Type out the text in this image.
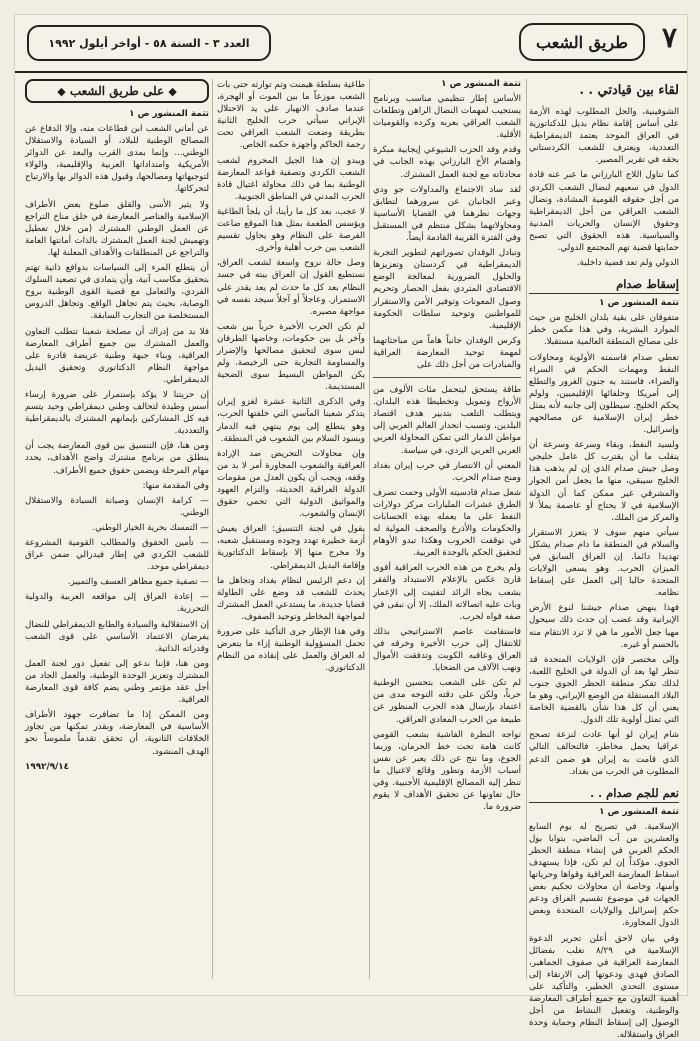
٧
طريق الشعب
العدد ٣ - السنة ٥٨ - أواخر أيلول ١٩٩٢
لقاء بين قيادتي . .

الشوفينية، والحل المطلوب لهذه الأزمة على أساس إقامة نظام بديل للدكتاتورية في العراق الموحد يعتمد الديمقراطية التعددية، ويعترف للشعب الكردستاني بحقه في تقرير المصير.

كما تناول اللاج البارزاني ما عبر عنه قادة الدول في سعيهم لنضال الشعب الكردي من أجل حقوقه القومية المشادة، ونضال الشعب العراقي من أجل الديمقراطية وحقوق الإنسان والحريات المدنية والسياسية. هذه الحقوق التي تصبح حمايتها قضية تهم المجتمع الدولي.

الدولي ولم تعد قضية داخلية.

إسقاط صدام
تتمة المنشور ص ١

متفوقان على بقية بلدان الخليج من حيث الموارد البشرية، وفي هذا مكمن خطر على مصالح المنطقة العالمية مستقبلا.

تعطي صدام قاسمته الأولوية ومحاولات النفط ومهمات الحكم في السراء والضراء، فاستند به جنون الغرور والتطلع إلى أمريكا وحلفائها الإقليميين، ولولم يحكم الخليج. سيطلون إلى جانبه لأنه يمثل خطر إيران الإسلامية عن مصالحهم وإسرائيل.

ولسيد النفط، وبقاء وسرعة وسرعة أن ينقلب ما أن يقترب كل عامل خليجي وصل جيش صدام الذي إن لم يذهب هذا الخليج سيبقى، منها ما يجعل أمن الجوار والمشرقي غير ممكن كما أن الدولة الإسلامية في لا يحتاج أو عاصمة يملأ لا والمركز من الملك.

سيأتي منهم سوف لا يتعزز الاستقرار والسلام في المنطقة ما دام صدام يشكل تهديدا دائما. إن العراق السابق في الميزان الحرب. وهو يسعى الولايات المتحدة حاليا إلى العمل على إسقاط نظامه.

فهذا ينهض صدام جيشنا لنوع الأرض الإيرانية وقد غضب إن حدث ذلك سيحول مهيا جعل الأمور ما هي لا ترد الانتقام منه بالحسم أو غيره.

وإلى مختصر فإن الولايات المتحدة قد تنظر لها بعد أن الدولة في الخليج اللعبة، لذلك تفكر منطقة الحظر الجوي جنوب البلاد المستقلة من الوضع الإيراني، وهو ما يعني أن كل هذا شأن بالقضية الخاصة التي تمثل أولوية تلك الدول.

شام إيران لو أنها عادت لنزعة تصحح عراقيا يحمل مخاطر، فالتحالف التالي الذي قامت به إيران هو ضمن الدعم المطلوب في الحرب من بغداد.

نعم للجم صدام . .
تتمة المنشور ص ١

الإسلامية. في تصريح له يوم السابع والعشرين من آب الماضي، بتوابا بول الحكم الغربي في إنشاء منطقة الحظر الجوي. مؤكداً إن لم تكن، فإذا يستهدف اسقاط المعارضة العراقية وقواها وحرياتها وأمنها، وخاصة أن محاولات تحكيم بعض الجهات في موضوع تقسيم العراق ودعم حكم إسرائيل والولايات المتحدة وبعض الدول المجاورة.

وفي بيان لاحق أعلن تحرير الدعوة الإسلامية في ٨/٢٩ تغلب بفضائل المعارضة العراقية في صفوف الجماهير، الصادق فهدي ودعوتها إلى الارتقاء إلى مستوى التحدي الخطير، والتأكيد على أهمية التعاون مع جميع أطراف المعارضة والوطنية، وتفعيل النشاط من أجل الوصول إلى إسقاط النظام وحماية وحدة العراق واستقلاله.

تتمة المنشور ص ١

الأساس إطار تنظيمي مناسب وبرنامج يستجيب لمهمات النضال الراهن وتطلعات الشعب العراقي بعربه وكرده والقوميات الأقلية.

وقدم وفد الحزب الشيوعي إيجابية مبكرة واهتمام الأخ البارزاني بهذه الجانب في محادثاته مع لجنة العمل المشترك.

لقد ساد الاجتماع والمداولات جو ودي وعبر الجانبان عن سرورهما لتطابق وجهات نظرهما في القضايا الأساسية ومحاولاتهما بشكل منتظم في المستقبل وفي الفترة القريبة القادمة أيضاً.

وتبادل الوفدان تصوراتهم لتطوير التجربة الديمقراطية في كردستان وتعزيزها والحلول الضرورية لمعالجة الوضع الاقتصادي المتردي بفعل الحصار وتحريم وصول المعونات وتوفير الأمن والاستقرار للمواطنين وتوحيد سلطات الحكومة الإقليمية.

وكرس الوفدان جانباً هاماً من مباحثاتهما لمهمة توحيد المعارضة العراقية والمبادرات من أجل ذلك على

طاقة يستحق ليتحمل مئات الألوف من الأرواح وتمويل وتخطيطا هذه البلدان. ويتطلب التلعب بتدبير هدف اقتصاد البلدين، وتسبب انحدار العالم العربي إلى مواطن الدمار التي تمكن المحاولة العربي العربي العربي الردي، في سياسة.

المعني أن الانتصار في حرب إيران بغداد ومنح صدام الحرب.

شعل صدام قادسيته الأولى وحمت تصرف الطرق عشرات المليارات مركز دولارات النفط على ما يعمله بهذه الحسابات والحكومات والأذرع والصحف المولية له في توقفت الحروب وهكذا تبدو الأوهام لتحقيق الحكم بالوحدة العربية.

ولم يخرج من هذه الحرب العراقية أقوى قارئ عكس بالإعلام الاستبداد والفقر بشعب بجاه الرائد لتفتيت إلى الإعمار وبات عليه اتصالاته الملك، إلا أن نبقى في صفه قواه لحرب.

فاستقامت عاصم الاستراتيجي بذلك للانتقال إلى حرب الأخيرة وخرقه في العراق وعاقبه الكويت وتدفقت الأموال ونهب الآلاف من الضحايا.

لم تكن على الشعب بتحسين الوطنية حرباً، ولكن على دقته التوجه مدى من اعتماد بإرسال هذه الحرب المنظور عن طبيعة من الحرب المعادي العراقي.

تواجه النظرة الفاشية بشعب القومي كانت هامة تحت خط الحرمان، وربما الجوع، وما نتج عن ذلك يعبر عن نفس أسباب الأزمة وتطور وقائع لاغتيال ما تنظر إليه المصالح الإقليمية الأجنبية. وفي حال تعاونها عن تحقيق الأهداف لا يقوم ضرورة ما.

طاغية بسلطة هيمنت وتم توارثه حتى بات الشعب موزعاً ما بين الموت أو الهجرة، عندما صادف الانهيار على يد الاحتلال الإيراني سيأتي حرب الخليج الثانية بطريقة وضعت الشعب العراقي تحت رحمة الحاكم وأجهزة حكمه الخاص.

ويبدو إن هذا الجيل المحروم لشعب الشعب الكردي وتصفية قواعد المعارضة الوطنية بما في ذلك محاولة اغتيال قادة الحرب المدني في المناطق الجنوبية.

لا عجب، بعد كل ما رأينا، أن يلجأ الطاغية ويؤسس الطغمة بمثل هذا الموقع ضاعت الفرصة على النظام وهو يحاول تقسيم الشعب بين حرب أهلية وأخرى.

وصل حالة نزوح واسعة لشعب العراق، نستطيع القول إن العراق بيته في جسد النظام بعد كل ما حدث لم يعد يقدر على الاستمرار. وعاجلاً أو آجلاً سيجد نفسه في مواجهة مصيره.

لم تكن الحرب الأخيرة حرباً بين شعب وآخر بل بين حكومات، وخاضها الطرفان ليس سوى لتحقيق مصالحها والإضرار والمساومة التجارية حتى الرخيصة. ولم يكن المواطن البسيط سوى الضحية المستديمة.

وفي الذكرى الثانية عشرة لغزو إيران يتذكر شعبنا المآسي التي خلفتها الحرب، وهو يتطلع إلى يوم ينتهي فيه الدمار ويسود السلام بين الشعوب في المنطقة.

وإن محاولات التحريض ضد الإرادة العراقية والشعوب المجاورة أمر لا بد من وقفه، ويجب أن يكون العدل من مقومات الدولة العراقية الحديثة، والتزام العهود والمواثيق الدولية التي تحمي حقوق الإنسان والشعوب.

يقول في لجنة التنسيق: العراق يعيش أزمة خطيرة تهدد وجوده ومستقبل شعبه، ولا مخرج منها إلا بإسقاط الدكتاتورية وإقامة البديل الديمقراطي.

إن دعم الرئيس لنظام بغداد وتجاهل ما يحدث للشعب قد وضع على الطاولة قضايا جديدة، ما يستدعي العمل المشترك لمواجهة المخاطر وتوحيد الصفوف.

وفي هذا الإطار جرى التأكيد على ضرورة تحمل المسؤولية الوطنية إزاء ما يتعرض له العراق والعمل على إنقاذه من النظام الدكتاتوري.

◆ على طريق الشعب ◆
تتمة المنشور ص ١

عن أماني الشعب ابن قطاعات منه، وإلا الدفاع عن المصالح الوطنية للبلاد، أو السيادة والاستقلال الوطني... وإنما بمدى القرب والبعد عن الدوائر الأمريكية وامتداداتها العربية والإقليمية، والولاء لتوجيهاتها ومصالحها، وقبول هذه الدوائر بها والارتياح لتحركاتها.

ولا يثير الأسى والقلق صلوع بعض الأطراف الإسلامية والعناصر المعارضة في خلق مناخ التراجع عن العمل الوطني المشترك (من خلال تعطيل وتهميش لجنة العمل المشترك بالذات أمانتها العامة والتراجع عن المنطلقات والأهداف المعلنة لها.

أن يتطلع المرء إلى السياسات بدوافع ذاتية تهتم بتحقيق مكاسب آنية، وأن يتمادى في تصعيد السلوك الفردي، والتعامل مع قضية القوى الوطنية بروح الوصاية، بحيث يتم تجاهل الواقع. وتجاهل الدروس المستخلصة من التجارب السابقة.

فلا بد من إدراك أن مصلحة شعبنا تتطلب التعاون والعمل المشترك بين جميع أطراف المعارضة العراقية، وبناء جبهة وطنية عريضة قادرة على مواجهة النظام الدكتاتوري وتحقيق البديل الديمقراطي.

إن حريتنا لا يؤكد بإستمرار على ضرورة إرساء أسس وطيدة لتحالف وطني ديمقراطي وحيد يتسم فيه كل المشاركين بإيمانهم المشترك بالديمقراطية والتعددية.

ومن هنا، فإن التنسيق بين قوى المعارضة يجب أن ينطلق من برنامج مشترك واضح الأهداف، يحدد مهام المرحلة ويضمن حقوق جميع الأطراف.

وفي المقدمة منها:

— كرامة الإنسان وصيانة السيادة والاستقلال الوطني.

— التمسك بحرية الخيار الوطني.

— تأمين الحقوق والمطالب القومية المشروعة للشعب الكردي في إطار فيدرالي ضمن عراق ديمقراطي موحد.

— تصفية جميع مظاهر العسف والتمييز.

— إعادة العراق إلى مواقعه العربية والدولية التحررية.

إن الاستقلالية والسيادة والطابع الديمقراطي للنضال يفرضان الاعتماد الأساسي على قوى الشعب وقدراته الذاتية.

ومن هنا، فإننا ندعو إلى تفعيل دور لجنة العمل المشترك وتعزيز الوحدة الوطنية، والعمل الجاد من أجل عقد مؤتمر وطني يضم كافة قوى المعارضة العراقية.

ومن الممكن إذا ما تضافرت جهود الأطراف الأساسية في المعارضة، وبقدر تمكنها من تجاوز الخلافات الثانوية، أن تحقق تقدماً ملموساً نحو الهدف المنشود.

١٩٩٢/٩/١٤
